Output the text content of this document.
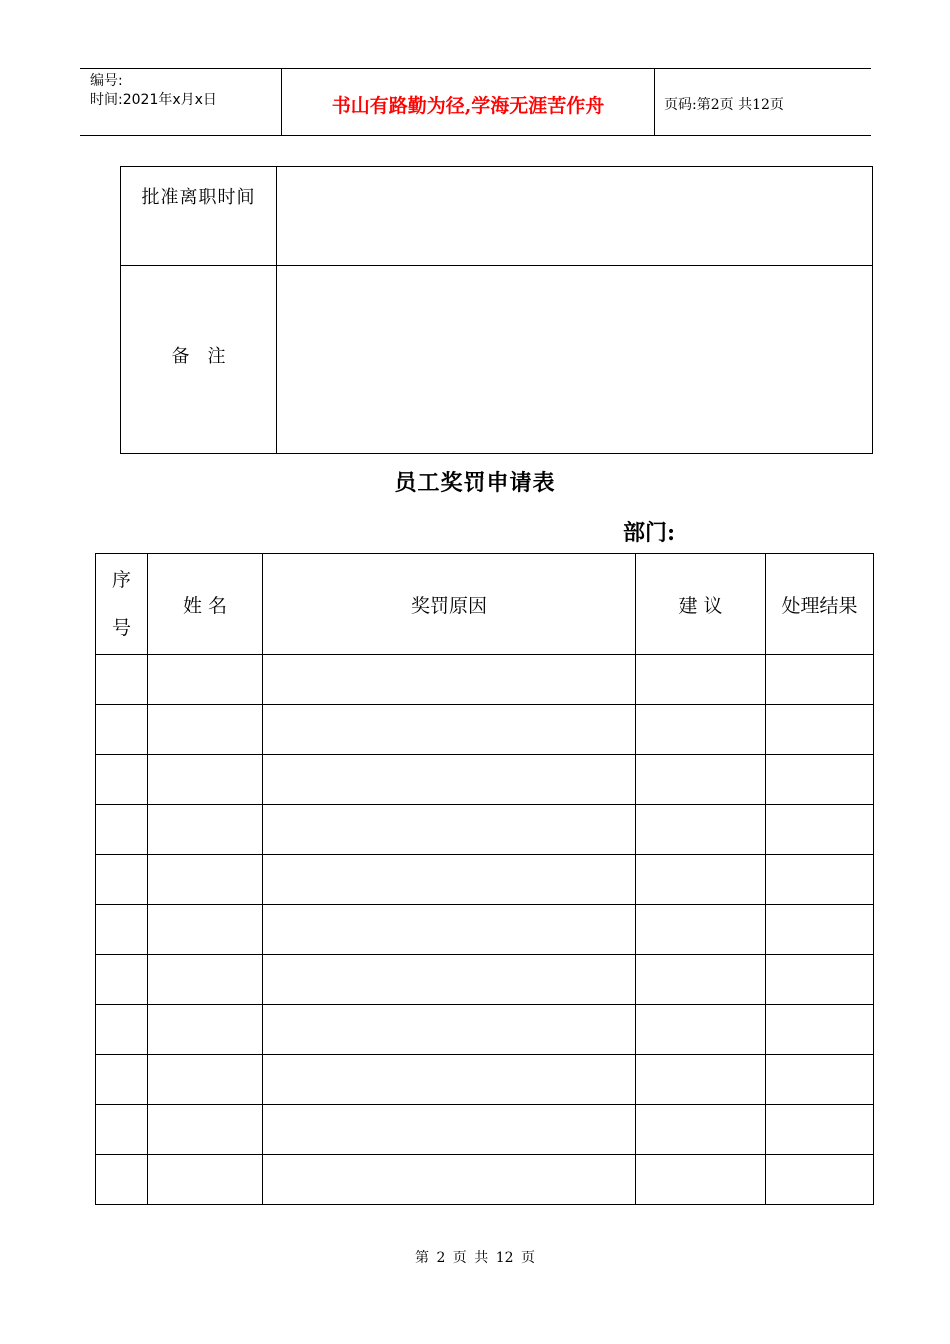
编号:
时间:2021年x月x日	书山有路勤为径,学海无涯苦作舟	页码:第2页 共12页
批准离职时间	

备　注	

员工奖罚申请表
部门:
序
号	姓 名	奖罚原因	建 议	处理结果

第 2 页 共 12 页
